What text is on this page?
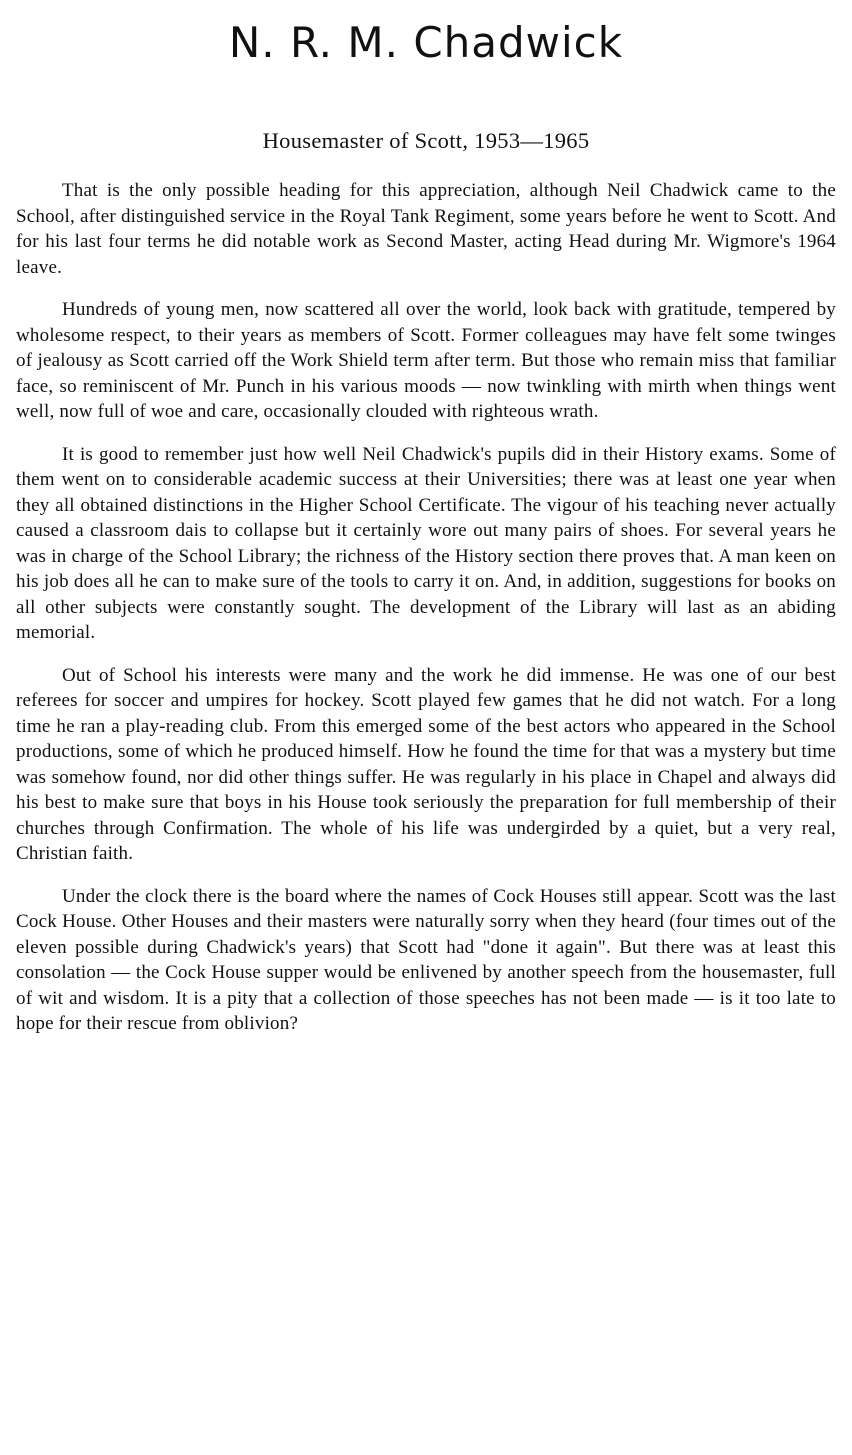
N. R. M. Chadwick
Housemaster of Scott, 1953—1965

That is the only possible heading for this appreciation, although Neil Chadwick came to the School, after distinguished service in the Royal Tank Regiment, some years before he went to Scott. And for his last four terms he did notable work as Second Master, acting Head during Mr. Wigmore's 1964 leave.

Hundreds of young men, now scattered all over the world, look back with gratitude, tempered by wholesome respect, to their years as members of Scott. Former colleagues may have felt some twinges of jealousy as Scott carried off the Work Shield term after term. But those who remain miss that familiar face, so reminiscent of Mr. Punch in his various moods — now twinkling with mirth when things went well, now full of woe and care, occasionally clouded with righteous wrath.

It is good to remember just how well Neil Chadwick's pupils did in their History exams. Some of them went on to considerable academic success at their Universities; there was at least one year when they all obtained distinctions in the Higher School Certificate. The vigour of his teaching never actually caused a classroom dais to collapse but it certainly wore out many pairs of shoes. For several years he was in charge of the School Library; the richness of the History section there proves that. A man keen on his job does all he can to make sure of the tools to carry it on. And, in addition, suggestions for books on all other subjects were constantly sought. The development of the Library will last as an abiding memorial.

Out of School his interests were many and the work he did immense. He was one of our best referees for soccer and umpires for hockey. Scott played few games that he did not watch. For a long time he ran a play-reading club. From this emerged some of the best actors who appeared in the School productions, some of which he produced himself. How he found the time for that was a mystery but time was somehow found, nor did other things suffer. He was regularly in his place in Chapel and always did his best to make sure that boys in his House took seriously the preparation for full membership of their churches through Confirmation. The whole of his life was undergirded by a quiet, but a very real, Christian faith.

Under the clock there is the board where the names of Cock Houses still appear. Scott was the last Cock House. Other Houses and their masters were naturally sorry when they heard (four times out of the eleven possible during Chadwick's years) that Scott had "done it again". But there was at least this consolation — the Cock House supper would be enlivened by another speech from the housemaster, full of wit and wisdom. It is a pity that a collection of those speeches has not been made — is it too late to hope for their rescue from oblivion?
